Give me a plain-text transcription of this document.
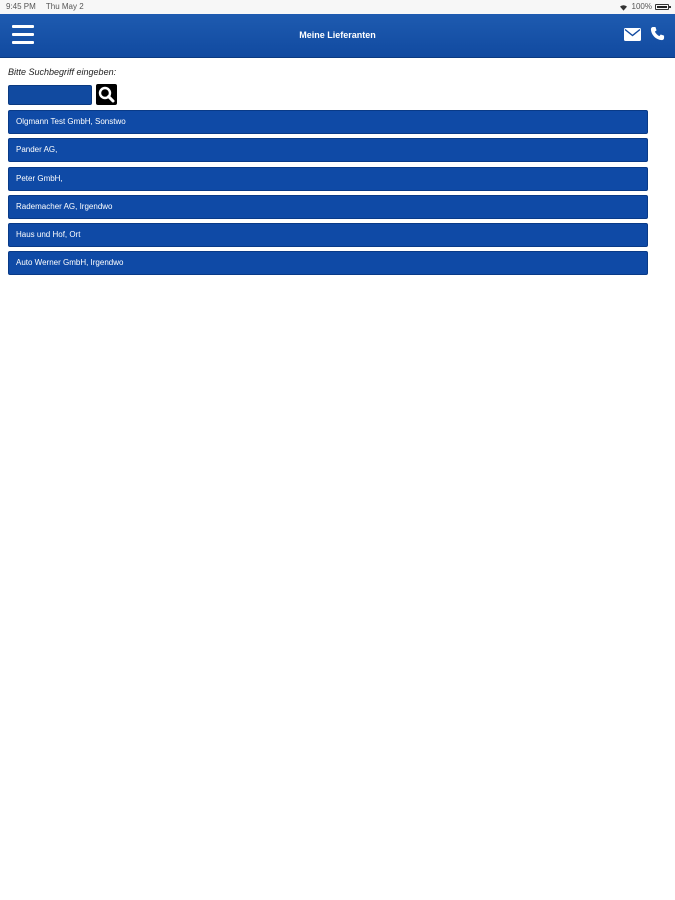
9:45 PM Thu May 2	100%
Meine Lieferanten
Bitte Suchbegriff eingeben:
Olgmann Test GmbH, Sonstwo
Pander AG,
Peter GmbH,
Rademacher AG, Irgendwo
Haus und Hof, Ort
Auto Werner GmbH, Irgendwo
